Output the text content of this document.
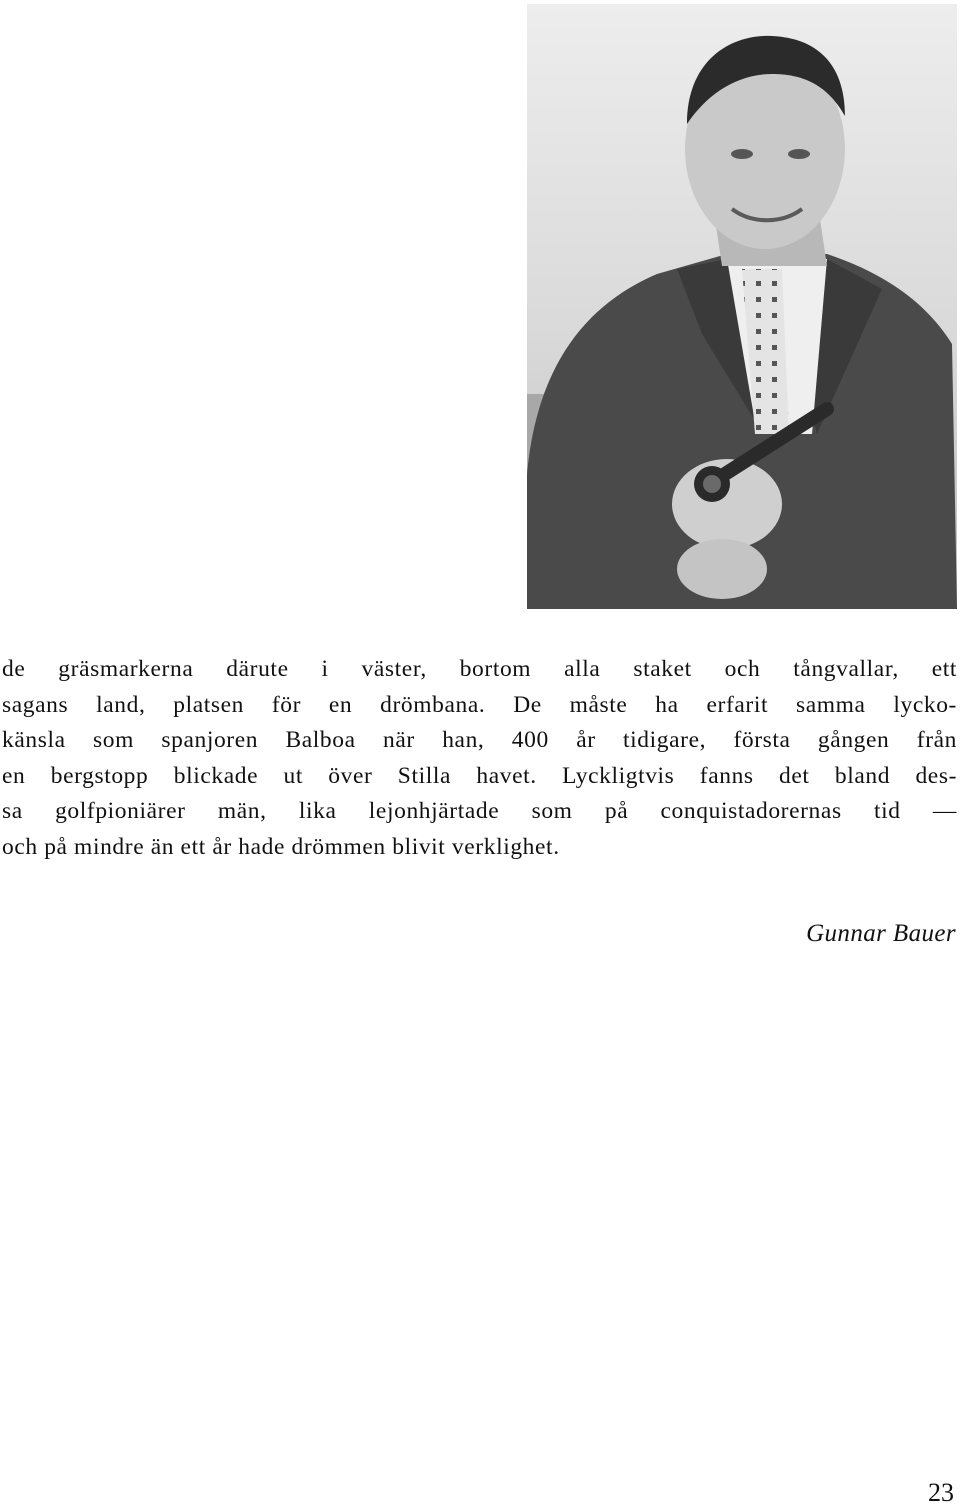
de gräsmarkerna därute i väster, bortom alla staket och tångvallar, ett
sagans land, platsen för en drömbana. De måste ha erfarit samma lycko-
känsla som spanjoren Balboa när han, 400 år tidigare, första gången från
en bergstopp blickade ut över Stilla havet. Lyckligtvis fanns det bland des-
sa golfpioniärer män, lika lejonhjärtade som på conquistadorernas tid —
och på mindre än ett år hade drömmen blivit verklighet.
Gunnar Bauer
23
